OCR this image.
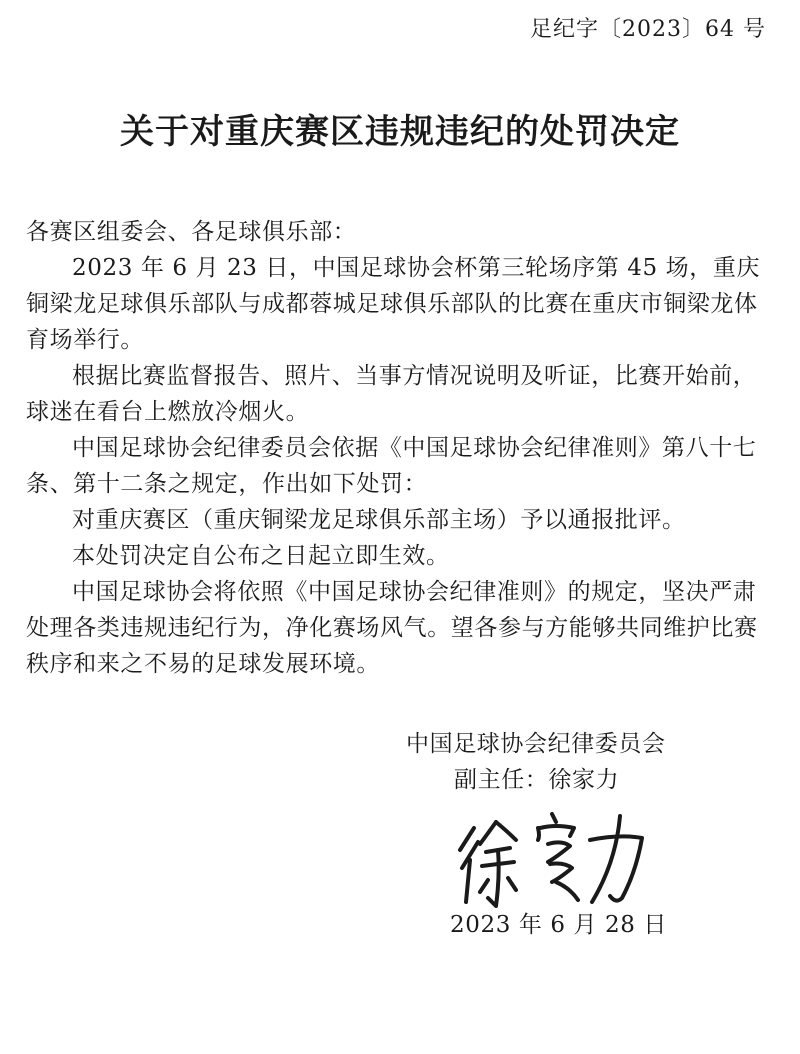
足纪字〔2023〕64 号
关于对重庆赛区违规违纪的处罚决定

各赛区组委会、各足球俱乐部：

2023 年 6 月 23 日，中国足球协会杯第三轮场序第 45 场，重庆铜梁龙足球俱乐部队与成都蓉城足球俱乐部队的比赛在重庆市铜梁龙体育场举行。

根据比赛监督报告、照片、当事方情况说明及听证，比赛开始前，球迷在看台上燃放冷烟火。

中国足球协会纪律委员会依据《中国足球协会纪律准则》第八十七条、第十二条之规定，作出如下处罚：

对重庆赛区（重庆铜梁龙足球俱乐部主场）予以通报批评。

本处罚决定自公布之日起立即生效。

中国足球协会将依照《中国足球协会纪律准则》的规定，坚决严肃处理各类违规违纪行为，净化赛场风气。望各参与方能够共同维护比赛秩序和来之不易的足球发展环境。

中国足球协会纪律委员会
副主任：徐家力
2023 年 6 月 28 日
